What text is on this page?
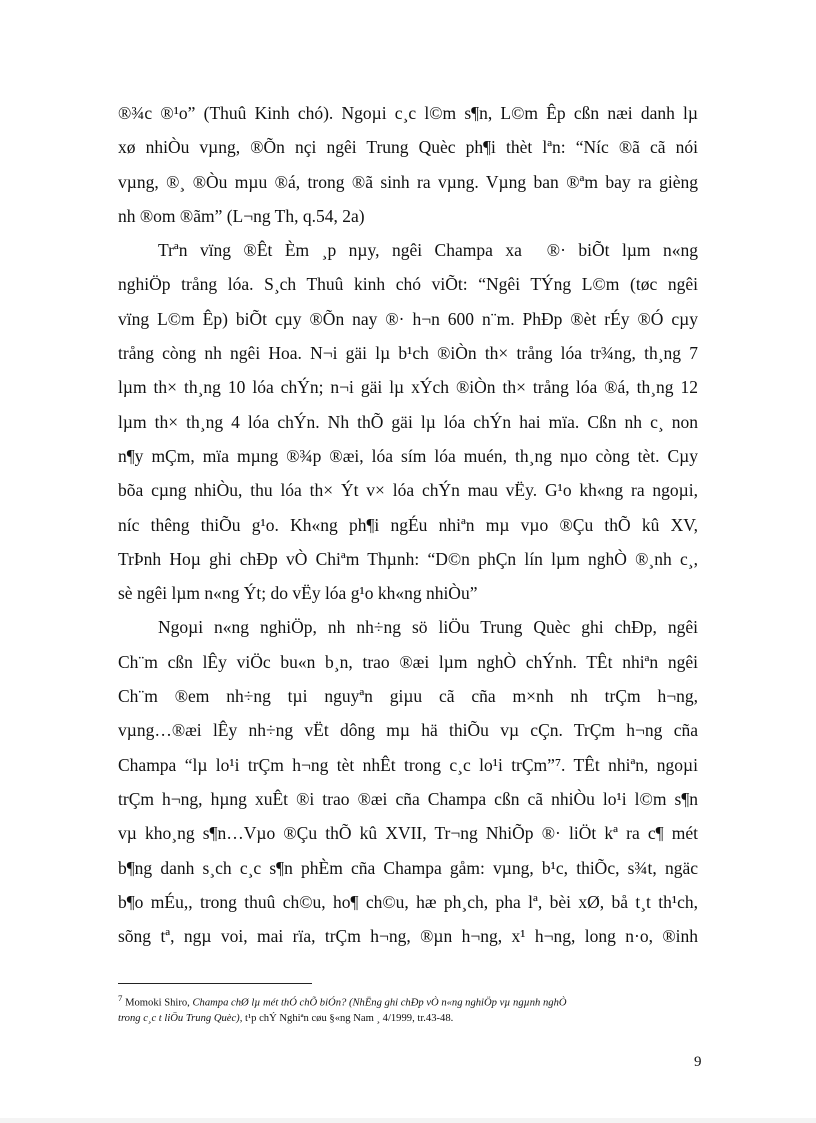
®¾c ®¹o” (Thuû Kinh chó). Ngoµi c¸c l©m s¶n, L©m Êp cßn næi danh lµ
xø nhiÒu vµng, ®Õn nçi ngêi Trung Quèc ph¶i thèt lªn: “Níc ®ã cã nói
vµng, ®¸ ®Òu mµu ®á, trong ®ã sinh ra vµng. Vµng ban ®ªm bay ra gièng
nh ®om ®ãm” (L¬ng Th, q.54, 2a)
Trªn vïng ®Êt Èm ¸p nµy, ngêi Champa xa ®· biÕt lµm n«ng
nghiÖp trång lóa. S¸ch Thuû kinh chó viÕt: “Ngêi TÝng L©m (tøc ngêi
vïng L©m Êp) biÕt cµy ®Õn nay ®· h¬n 600 n¨m. PhÐp ®èt rÉy ®Ó cµy
trång còng nh ngêi Hoa. N¬i gäi lµ b¹ch ®iÒn th× trång lóa tr¾ng, th¸ng 7
lµm th× th¸ng 10 lóa chÝn; n¬i gäi lµ xÝch ®iÒn th× trång lóa ®á, th¸ng 12
lµm th× th¸ng 4 lóa chÝn. Nh thÕ gäi lµ lóa chÝn hai mïa. Cßn nh c¸ non
n¶y mÇm, mïa mµng ®¾p ®æi, lóa sím lóa muén, th¸ng nµo còng tèt. Cµy
bõa cµng nhiÒu, thu lóa th× Ýt v× lóa chÝn mau vËy. G¹o kh«ng ra ngoµi,
níc thêng thiÕu g¹o. Kh«ng ph¶i ngÉu nhiªn mµ vµo ®Çu thÕ kû XV,
TrÞnh Hoµ ghi chÐp vÒ Chiªm Thµnh: “D©n phÇn lín lµm nghÒ ®¸nh c¸,
sè ngêi lµm n«ng Ýt; do vËy lóa g¹o kh«ng nhiÒu”
Ngoµi n«ng nghiÖp, nh nh÷ng sö liÖu Trung Quèc ghi chÐp, ngêi
Ch¨m cßn lÊy viÖc bu«n b¸n, trao ®æi lµm nghÒ chÝnh. TÊt nhiªn ngêi
Ch¨m ®em nh÷ng tµi nguyªn giµu cã cña m×nh nh trÇm h¬ng,
vµng…®æi lÊy nh÷ng vËt dông mµ hä thiÕu vµ cÇn. TrÇm h¬ng cña
Champa “lµ lo¹i trÇm h¬ng tèt nhÊt trong c¸c lo¹i trÇm”⁷. TÊt nhiªn, ngoµi
trÇm h¬ng, hµng xuÊt ®i trao ®æi cña Champa cßn cã nhiÒu lo¹i l©m s¶n
vµ kho¸ng s¶n…Vµo ®Çu thÕ kû XVII, Tr¬ng NhiÕp ®· liÖt kª ra c¶ mét
b¶ng danh s¸ch c¸c s¶n phÈm cña Champa gåm: vµng, b¹c, thiÕc, s¾t, ngäc
b¶o mÉu,, trong thuû ch©u, ho¶ ch©u, hæ ph¸ch, pha lª, bèi xØ, bå t¸t th¹ch,
sõng tª, ngµ voi, mai rïa, trÇm h¬ng, ®µn h¬ng, x¹ h¬ng, long n·o, ®inh
$^7$ Momoki Shiro, Champa chØ lµ mét thÓ chÕ biÓn? (NhËng ghi chÐp vÒ n«ng nghiÖp vµ ngµnh nghÒ
trong c¸c t liÖu Trung Quèc), t¹p chÝ Nghiªn cøu §«ng Nam ¸ 4/1999, tr.43-48.
9
